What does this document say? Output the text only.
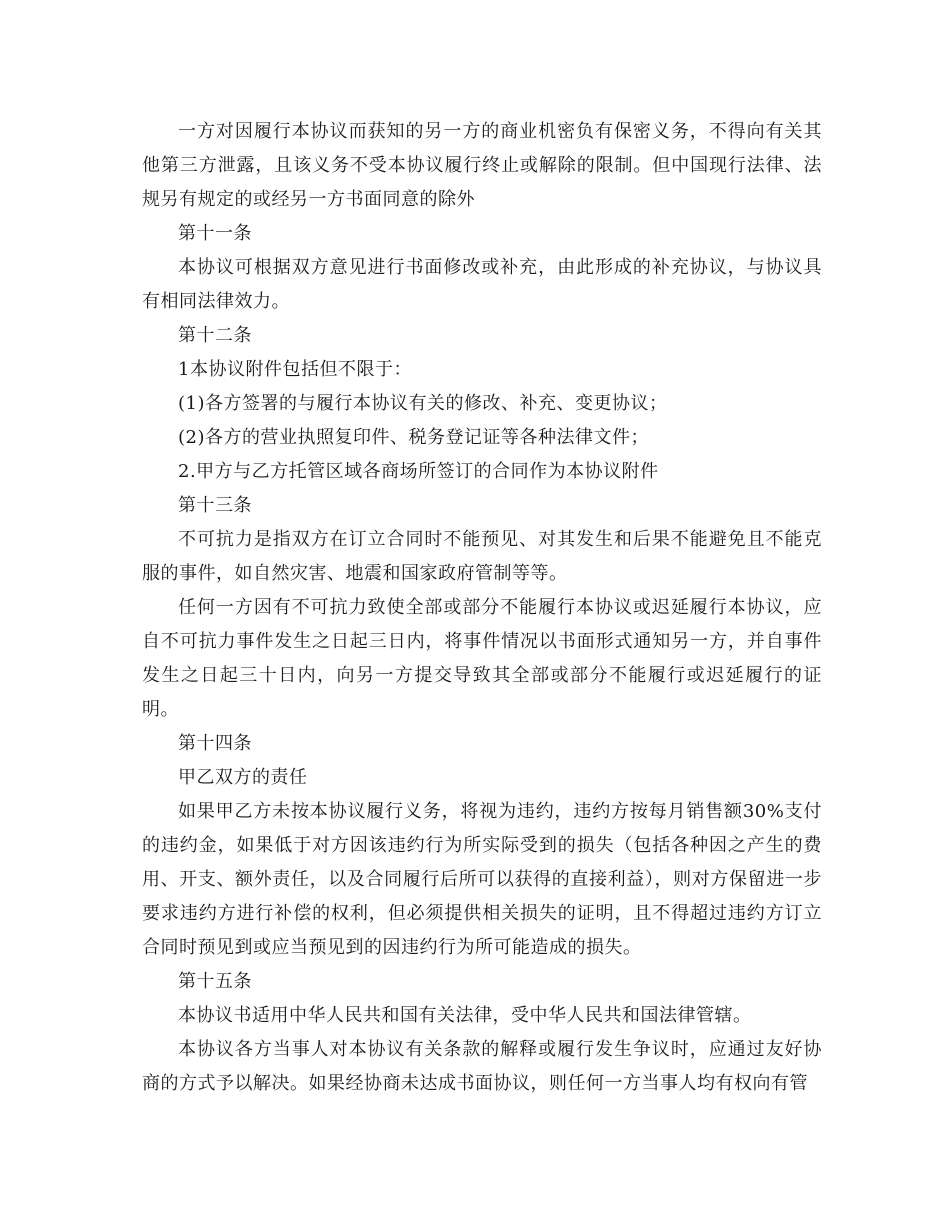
一方对因履行本协议而获知的另一方的商业机密负有保密义务，不得向有关其他第三方泄露，且该义务不受本协议履行终止或解除的限制。但中国现行法律、法规另有规定的或经另一方书面同意的除外

第十一条

本协议可根据双方意见进行书面修改或补充，由此形成的补充协议，与协议具有相同法律效力。

第十二条

1本协议附件包括但不限于：

(1)各方签署的与履行本协议有关的修改、补充、变更协议；

(2)各方的营业执照复印件、税务登记证等各种法律文件；

2.甲方与乙方托管区域各商场所签订的合同作为本协议附件

第十三条

不可抗力是指双方在订立合同时不能预见、对其发生和后果不能避免且不能克服的事件，如自然灾害、地震和国家政府管制等等。

任何一方因有不可抗力致使全部或部分不能履行本协议或迟延履行本协议，应自不可抗力事件发生之日起三日内，将事件情况以书面形式通知另一方，并自事件发生之日起三十日内，向另一方提交导致其全部或部分不能履行或迟延履行的证明。

第十四条

甲乙双方的责任

如果甲乙方未按本协议履行义务，将视为违约，违约方按每月销售额30%支付的违约金，如果低于对方因该违约行为所实际受到的损失（包括各种因之产生的费用、开支、额外责任，以及合同履行后所可以获得的直接利益），则对方保留进一步要求违约方进行补偿的权利，但必须提供相关损失的证明，且不得超过违约方订立合同时预见到或应当预见到的因违约行为所可能造成的损失。

第十五条

本协议书适用中华人民共和国有关法律，受中华人民共和国法律管辖。

本协议各方当事人对本协议有关条款的解释或履行发生争议时，应通过友好协商的方式予以解决。如果经协商未达成书面协议，则任何一方当事人均有权向有管
